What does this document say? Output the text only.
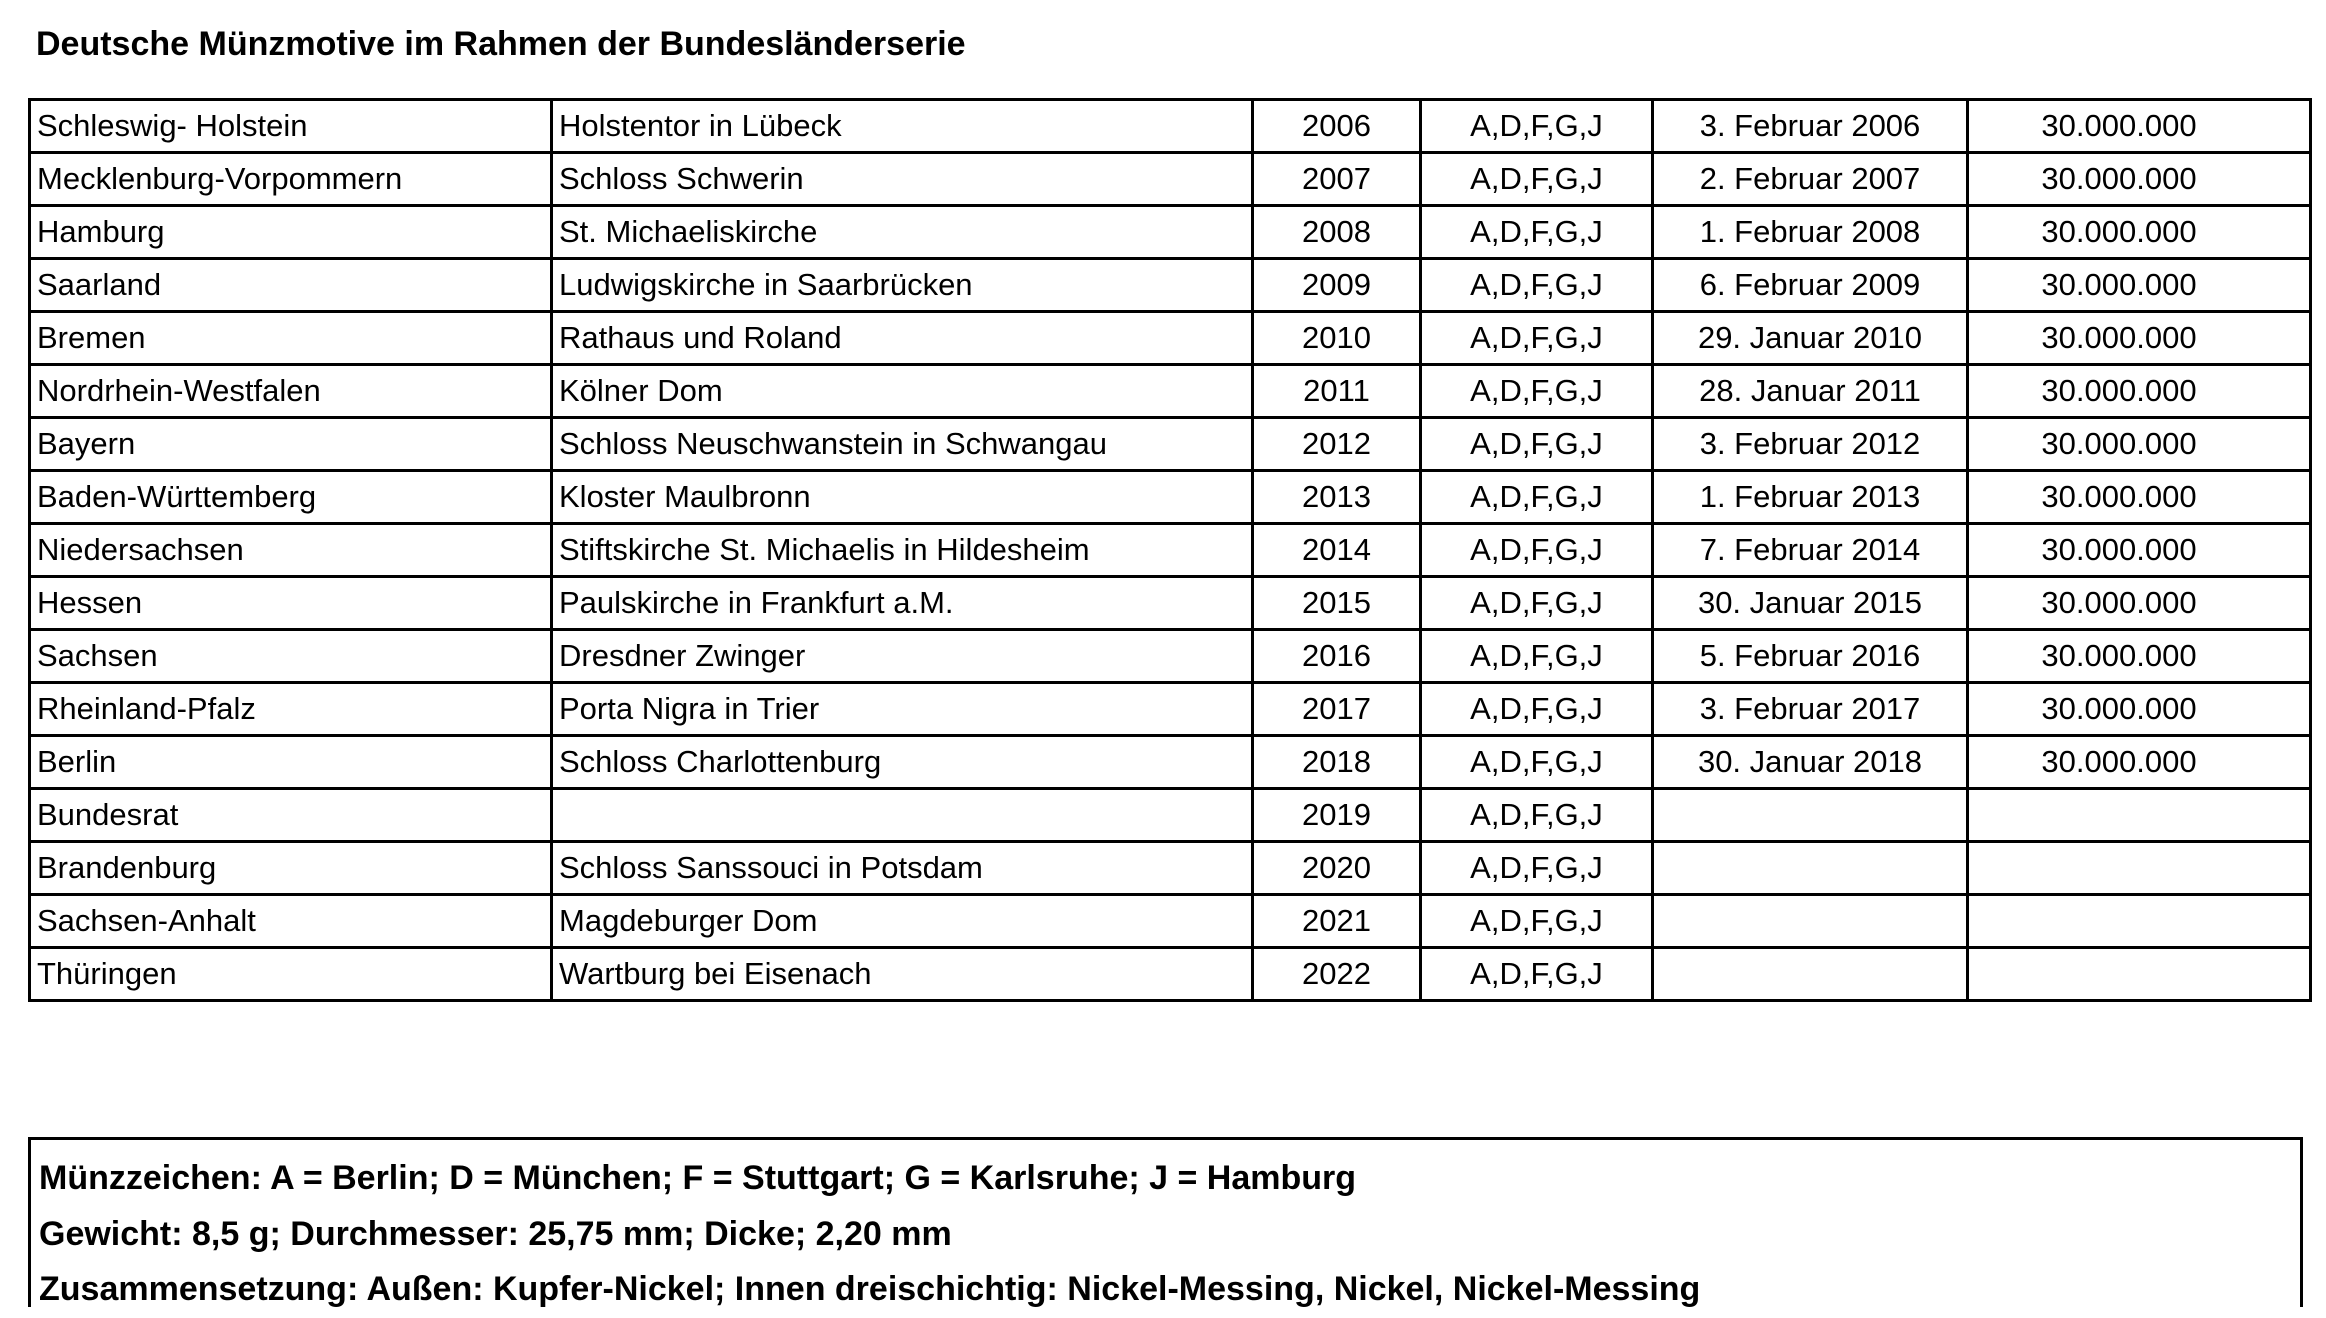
Deutsche Münzmotive im Rahmen der Bundesländerserie
Schleswig- Holstein	Holstentor in Lübeck	2006	A,D,F,G,J	3. Februar 2006	30.000.000
Mecklenburg-Vorpommern	Schloss Schwerin	2007	A,D,F,G,J	2. Februar 2007	30.000.000
Hamburg	St. Michaeliskirche	2008	A,D,F,G,J	1. Februar 2008	30.000.000
Saarland	Ludwigskirche in Saarbrücken	2009	A,D,F,G,J	6. Februar 2009	30.000.000
Bremen	Rathaus und Roland	2010	A,D,F,G,J	29. Januar 2010	30.000.000
Nordrhein-Westfalen	Kölner Dom	2011	A,D,F,G,J	28. Januar 2011	30.000.000
Bayern	Schloss Neuschwanstein in Schwangau	2012	A,D,F,G,J	3. Februar 2012	30.000.000
Baden-Württemberg	Kloster Maulbronn	2013	A,D,F,G,J	1. Februar 2013	30.000.000
Niedersachsen	Stiftskirche St. Michaelis in Hildesheim	2014	A,D,F,G,J	7. Februar 2014	30.000.000
Hessen	Paulskirche in Frankfurt a.M.	2015	A,D,F,G,J	30. Januar 2015	30.000.000
Sachsen	Dresdner Zwinger	2016	A,D,F,G,J	5. Februar 2016	30.000.000
Rheinland-Pfalz	Porta Nigra in Trier	2017	A,D,F,G,J	3. Februar 2017	30.000.000
Berlin	Schloss Charlottenburg	2018	A,D,F,G,J	30. Januar 2018	30.000.000
Bundesrat		2019	A,D,F,G,J		
Brandenburg	Schloss Sanssouci in Potsdam	2020	A,D,F,G,J		
Sachsen-Anhalt	Magdeburger Dom	2021	A,D,F,G,J		
Thüringen	Wartburg bei Eisenach	2022	A,D,F,G,J		
Münzzeichen: A = Berlin; D = München; F = Stuttgart; G = Karlsruhe; J = Hamburg
Gewicht: 8,5 g; Durchmesser: 25,75 mm; Dicke; 2,20 mm
Zusammensetzung: Außen: Kupfer-Nickel; Innen dreischichtig: Nickel-Messing, Nickel, Nickel-Messing
